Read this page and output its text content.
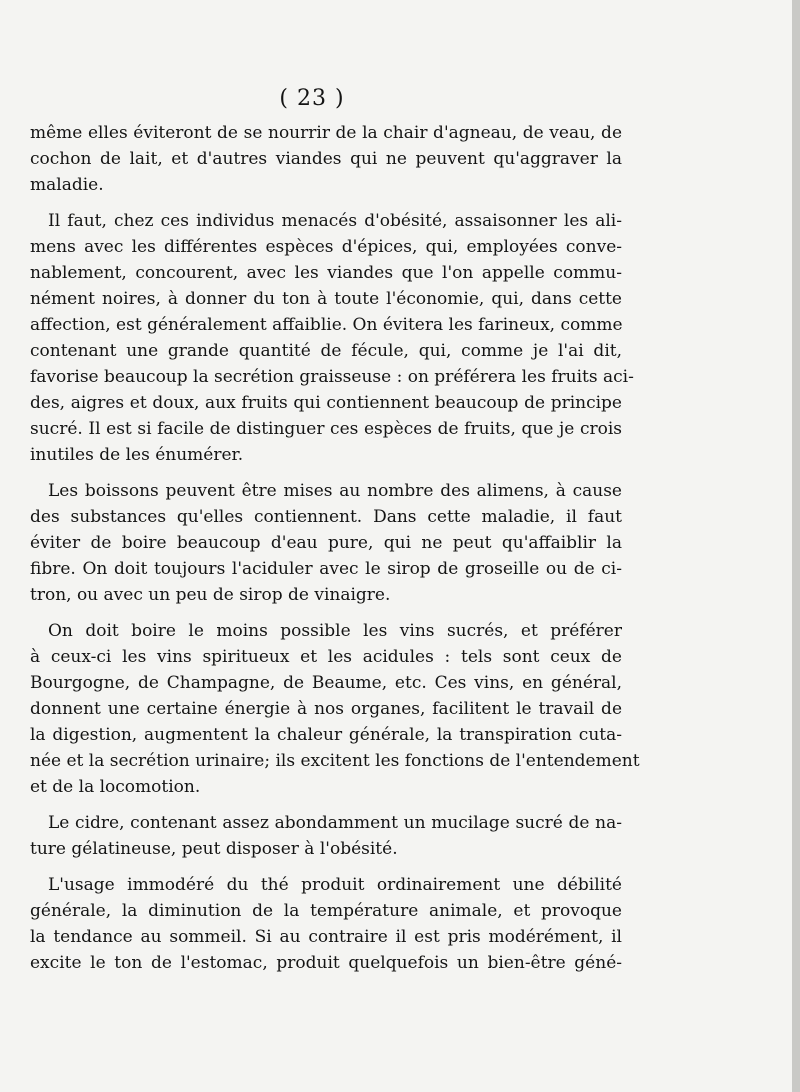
( 23 )
même elles éviteront de se nourrir de la chair d'agneau, de veau, de
cochon de lait, et d'autres viandes qui ne peuvent qu'aggraver la
maladie.
Il faut, chez ces individus menacés d'obésité, assaisonner les ali-
mens avec les différentes espèces d'épices, qui, employées conve-
nablement, concourent, avec les viandes que l'on appelle commu-
nément noires, à donner du ton à toute l'économie, qui, dans cette
affection, est généralement affaiblie. On évitera les farineux, comme
contenant une grande quantité de fécule, qui, comme je l'ai dit,
favorise beaucoup la secrétion graisseuse : on préférera les fruits aci-
des, aigres et doux, aux fruits qui contiennent beaucoup de principe
sucré. Il est si facile de distinguer ces espèces de fruits, que je crois
inutiles de les énumérer.
Les boissons peuvent être mises au nombre des alimens, à cause
des substances qu'elles contiennent. Dans cette maladie, il faut
éviter de boire beaucoup d'eau pure, qui ne peut qu'affaiblir la
fibre. On doit toujours l'aciduler avec le sirop de groseille ou de ci-
tron, ou avec un peu de sirop de vinaigre.
On doit boire le moins possible les vins sucrés, et préférer
à ceux-ci les vins spiritueux et les acidules : tels sont ceux de
Bourgogne, de Champagne, de Beaume, etc. Ces vins, en général,
donnent une certaine énergie à nos organes, facilitent le travail de
la digestion, augmentent la chaleur générale, la transpiration cuta-
née et la secrétion urinaire; ils excitent les fonctions de l'entendement
et de la locomotion.
Le cidre, contenant assez abondamment un mucilage sucré de na-
ture gélatineuse, peut disposer à l'obésité.
L'usage immodéré du thé produit ordinairement une débilité
générale, la diminution de la température animale, et provoque
la tendance au sommeil. Si au contraire il est pris modérément, il
excite le ton de l'estomac, produit quelquefois un bien-être géné-
